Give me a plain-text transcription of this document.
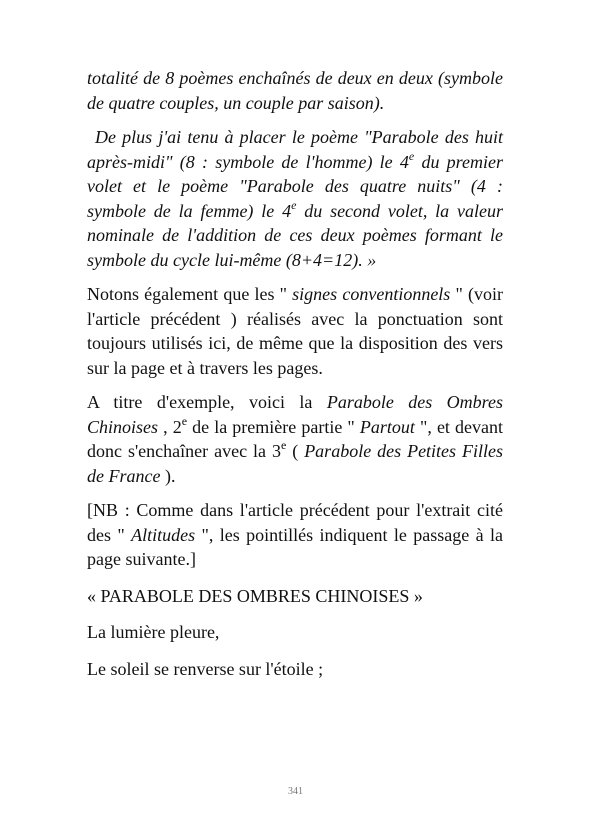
totalité de 8 poèmes enchaînés de deux en deux (symbole de quatre couples, un couple par saison).

De plus j'ai tenu à placer le poème "Parabole des huit après-midi" (8 : symbole de l'homme) le 4e du premier volet et le poème "Parabole des quatre nuits" (4 : symbole de la femme) le 4e du second volet, la valeur nominale de l'addition de ces deux poèmes formant le symbole du cycle lui-même (8+4=12). »

Notons également que les " signes conventionnels " (voir l'article précédent ) réalisés avec la ponctuation sont toujours utilisés ici, de même que la disposition des vers sur la page et à travers les pages.

A titre d'exemple, voici la Parabole des Ombres Chinoises , 2e de la première partie " Partout ", et devant donc s'enchaîner avec la 3e ( Parabole des Petites Filles de France ).

[NB : Comme dans l'article précédent pour l'extrait cité des " Altitudes ", les pointillés indiquent le passage à la page suivante.]

« PARABOLE DES OMBRES CHINOISES »

La lumière pleure,

Le soleil se renverse sur l'étoile ;

341
